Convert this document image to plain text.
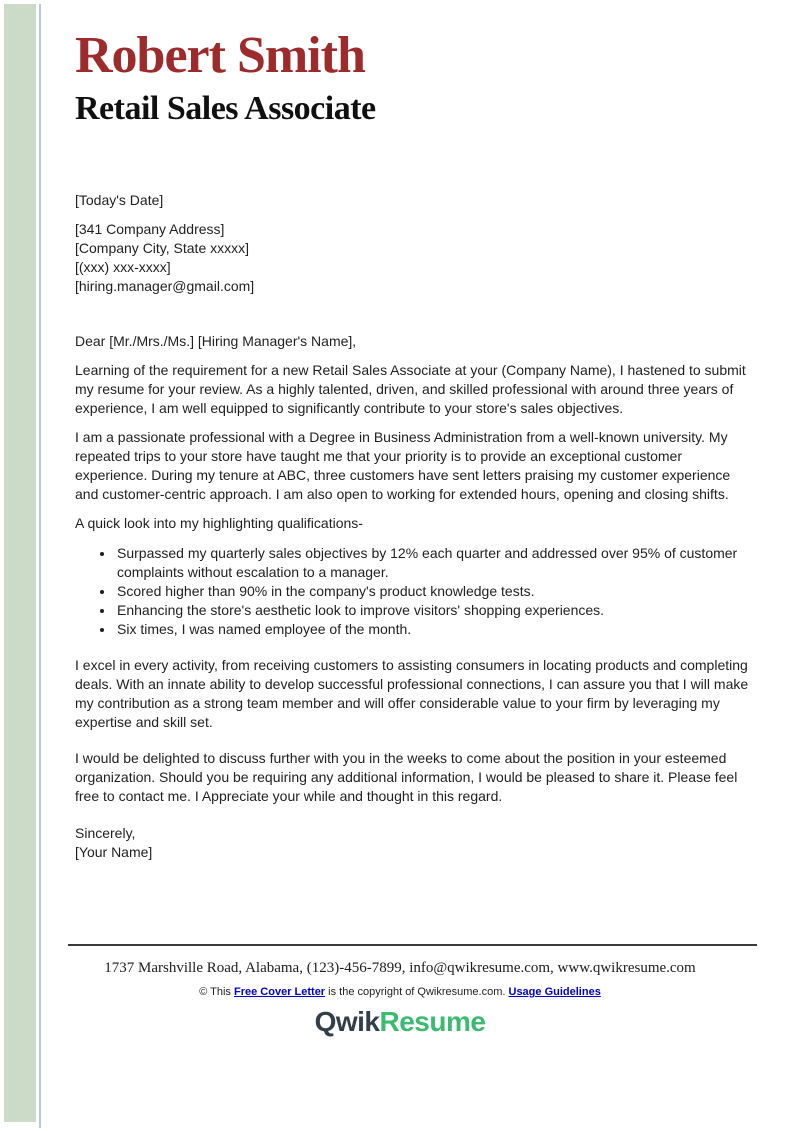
Robert Smith
Retail Sales Associate
[Today's Date]
[341 Company Address]
[Company City, State xxxxx]
[(xxx) xxx-xxxx]
[hiring.manager@gmail.com]

Dear [Mr./Mrs./Ms.] [Hiring Manager's Name],

Learning of the requirement for a new Retail Sales Associate at your (Company Name), I hastened to submit my resume for your review. As a highly talented, driven, and skilled professional with around three years of experience, I am well equipped to significantly contribute to your store's sales objectives.

I am a passionate professional with a Degree in Business Administration from a well-known university. My repeated trips to your store have taught me that your priority is to provide an exceptional customer experience. During my tenure at ABC, three customers have sent letters praising my customer experience and customer-centric approach. I am also open to working for extended hours, opening and closing shifts.

A quick look into my highlighting qualifications-

• Surpassed my quarterly sales objectives by 12% each quarter and addressed over 95% of customer complaints without escalation to a manager.
• Scored higher than 90% in the company's product knowledge tests.
• Enhancing the store's aesthetic look to improve visitors' shopping experiences.
• Six times, I was named employee of the month.

I excel in every activity, from receiving customers to assisting consumers in locating products and completing deals. With an innate ability to develop successful professional connections, I can assure you that I will make my contribution as a strong team member and will offer considerable value to your firm by leveraging my expertise and skill set.

I would be delighted to discuss further with you in the weeks to come about the position in your esteemed organization. Should you be requiring any additional information, I would be pleased to share it. Please feel free to contact me. I Appreciate your while and thought in this regard.

Sincerely,
[Your Name]
1737 Marshville Road, Alabama, (123)-456-7899, info@qwikresume.com, www.qwikresume.com
© This Free Cover Letter is the copyright of Qwikresume.com. Usage Guidelines
QwikResume
